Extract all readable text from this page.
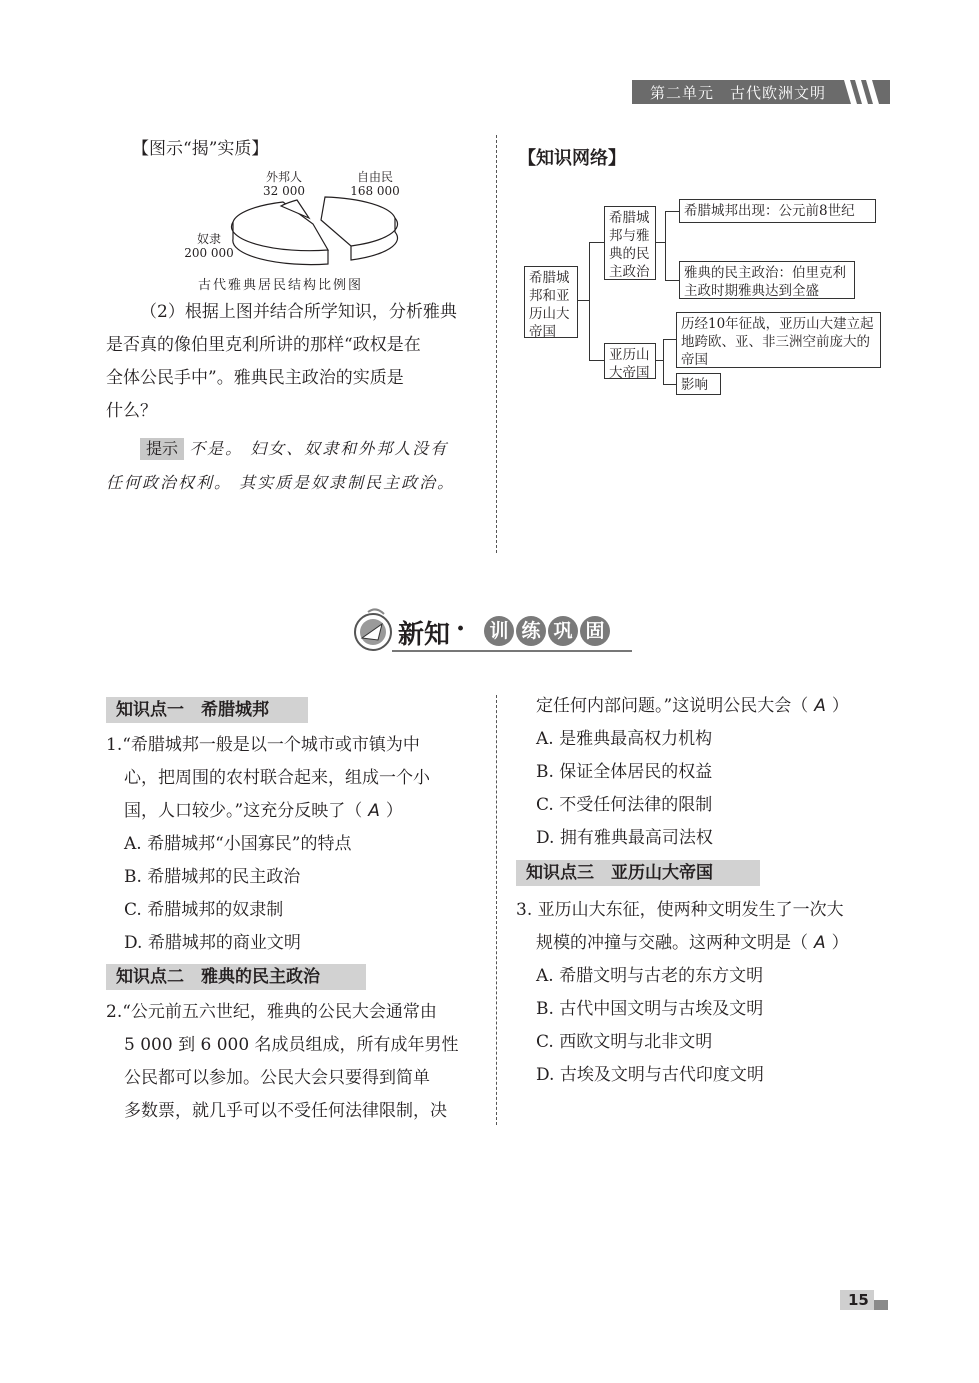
第二单元　 古代欧洲文明
【图示“揭”实质】
外邦人
32 000
自由民
168 000
奴隶
200 000
古代雅典居民结构比例图
（2）根据上图并结合所学知识，分析雅典
是否真的像伯里克利所讲的那样“政权是在
全体公民手中”。雅典民主政治的实质是
什么？
提示 不是。 妇女、奴隶和外邦人没有
任何政治权利。 其实质是奴隶制民主政治。
【知识网络】
希腊城邦和亚历山大帝国
希腊城邦与雅典的民主政治
亚历山大帝国
希腊城邦出现：公元前8世纪
雅典的民主政治：伯里克利主政时期雅典达到全盛
历经10年征战，亚历山大建立起地跨欧、亚、非三洲空前庞大的帝国
影响
新知 · 训 练 巩 固
知识点一　希腊城邦
1.“希腊城邦一般是以一个城市或市镇为中
心，把周围的农村联合起来，组成一个小
国，人口较少。”这充分反映了（ A ）
A. 希腊城邦“小国寡民”的特点
B. 希腊城邦的民主政治
C. 希腊城邦的奴隶制
D. 希腊城邦的商业文明
知识点二　雅典的民主政治
2.“公元前五六世纪，雅典的公民大会通常由
5 000 到 6 000 名成员组成，所有成年男性
公民都可以参加。公民大会只要得到简单
多数票，就几乎可以不受任何法律限制，决
定任何内部问题。”这说明公民大会（ A ）
A. 是雅典最高权力机构
B. 保证全体居民的权益
C. 不受任何法律的限制
D. 拥有雅典最高司法权
知识点三　亚历山大帝国
3. 亚历山大东征，使两种文明发生了一次大
规模的冲撞与交融。这两种文明是（ A ）
A. 希腊文明与古老的东方文明
B. 古代中国文明与古埃及文明
C. 西欧文明与北非文明
D. 古埃及文明与古代印度文明
15
